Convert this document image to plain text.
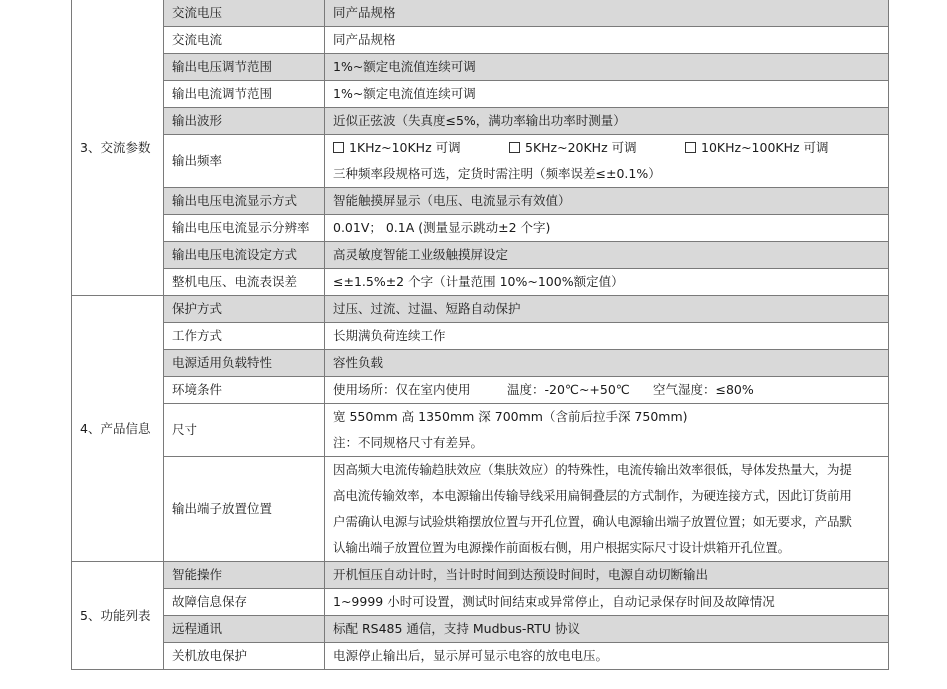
3、交流参数	交流电压	同产品规格

	交流电流	同产品规格

	输出电压调节范围	1%~额定电流值连续可调

	输出电流调节范围	1%~额定电流值连续可调

	输出波形	近似正弦波（失真度≤5%，满功率输出功率时测量）

	输出频率	1KHz~10KHz 可调 5KHz~20KHz 可调 10KHz~100KHz 可调
三种频率段规格可选，定货时需注明（频率误差≤±0.1%）

	输出电压电流显示方式	智能触摸屏显示（电压、电流显示有效值）

	输出电压电流显示分辨率	0.01V； 0.1A (测量显示跳动±2 个字)

	输出电压电流设定方式	高灵敏度智能工业级触摸屏设定

	整机电压、电流表误差	≤±1.5%±2 个字（计量范围 10%~100%额定值）

4、产品信息	保护方式	过压、过流、过温、短路自动保护

	工作方式	长期满负荷连续工作

	电源适用负载特性	容性负载

	环境条件	使用场所：仅在室内使用 温度：-20℃~+50℃ 空气湿度：≤80%

	尺寸	宽 550mm 高 1350mm 深 700mm（含前后拉手深 750mm)
注：不同规格尺寸有差异。

	输出端子放置位置	因高频大电流传输趋肤效应（集肤效应）的特殊性，电流传输出效率很低，导体发热量大，为提
高电流传输效率，本电源输出传输导线采用扁铜叠层的方式制作，为硬连接方式，因此订货前用
户需确认电源与试验烘箱摆放位置与开孔位置，确认电源输出端子放置位置；如无要求，产品默
认输出端子放置位置为电源操作前面板右侧，用户根据实际尺寸设计烘箱开孔位置。

5、功能列表	智能操作	开机恒压自动计时，当计时时间到达预设时间时，电源自动切断输出

	故障信息保存	1~9999 小时可设置，测试时间结束或异常停止，自动记录保存时间及故障情况

	远程通讯	标配 RS485 通信，支持 Mudbus-RTU 协议

	关机放电保护	电源停止输出后，显示屏可显示电容的放电电压。
